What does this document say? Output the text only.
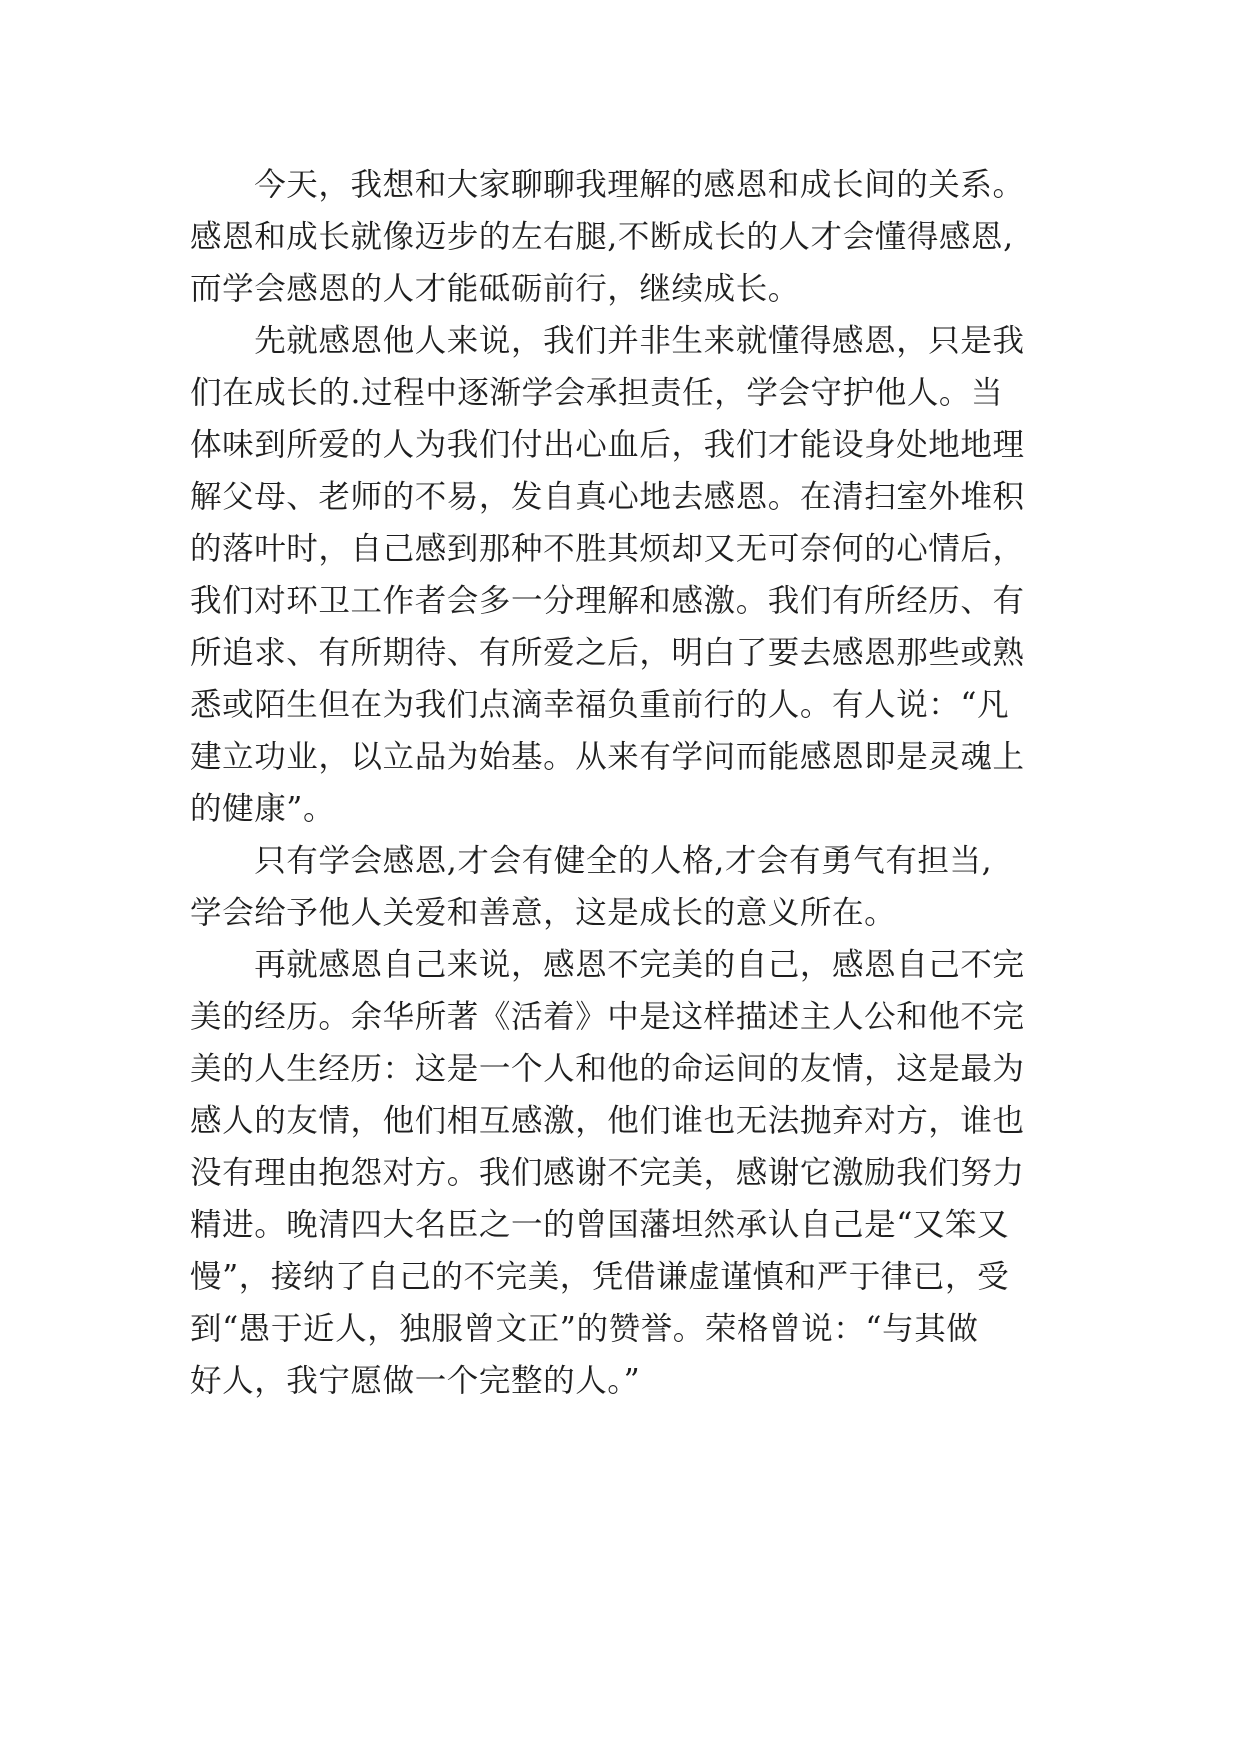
　　今天，我想和大家聊聊我理解的感恩和成长间的关系。
感恩和成长就像迈步的左右腿,不断成长的人才会懂得感恩,
而学会感恩的人才能砥砺前行，继续成长。
　　先就感恩他人来说，我们并非生来就懂得感恩，只是我
们在成长的.过程中逐渐学会承担责任，学会守护他人。当
体味到所爱的人为我们付出心血后，我们才能设身处地地理
解父母、老师的不易，发自真心地去感恩。在清扫室外堆积
的落叶时，自己感到那种不胜其烦却又无可奈何的心情后，
我们对环卫工作者会多一分理解和感激。我们有所经历、有
所追求、有所期待、有所爱之后，明白了要去感恩那些或熟
悉或陌生但在为我们点滴幸福负重前行的人。有人说：“凡
建立功业，以立品为始基。从来有学问而能感恩即是灵魂上
的健康”。
　　只有学会感恩,才会有健全的人格,才会有勇气有担当,
学会给予他人关爱和善意，这是成长的意义所在。
　　再就感恩自己来说，感恩不完美的自己，感恩自己不完
美的经历。余华所著《活着》中是这样描述主人公和他不完
美的人生经历：这是一个人和他的命运间的友情，这是最为
感人的友情，他们相互感激，他们谁也无法抛弃对方，谁也
没有理由抱怨对方。我们感谢不完美，感谢它激励我们努力
精进。晚清四大名臣之一的曾国藩坦然承认自己是“又笨又
慢”，接纳了自己的不完美，凭借谦虚谨慎和严于律已，受
到“愚于近人，独服曾文正”的赞誉。荣格曾说：“与其做
好人，我宁愿做一个完整的人。”
